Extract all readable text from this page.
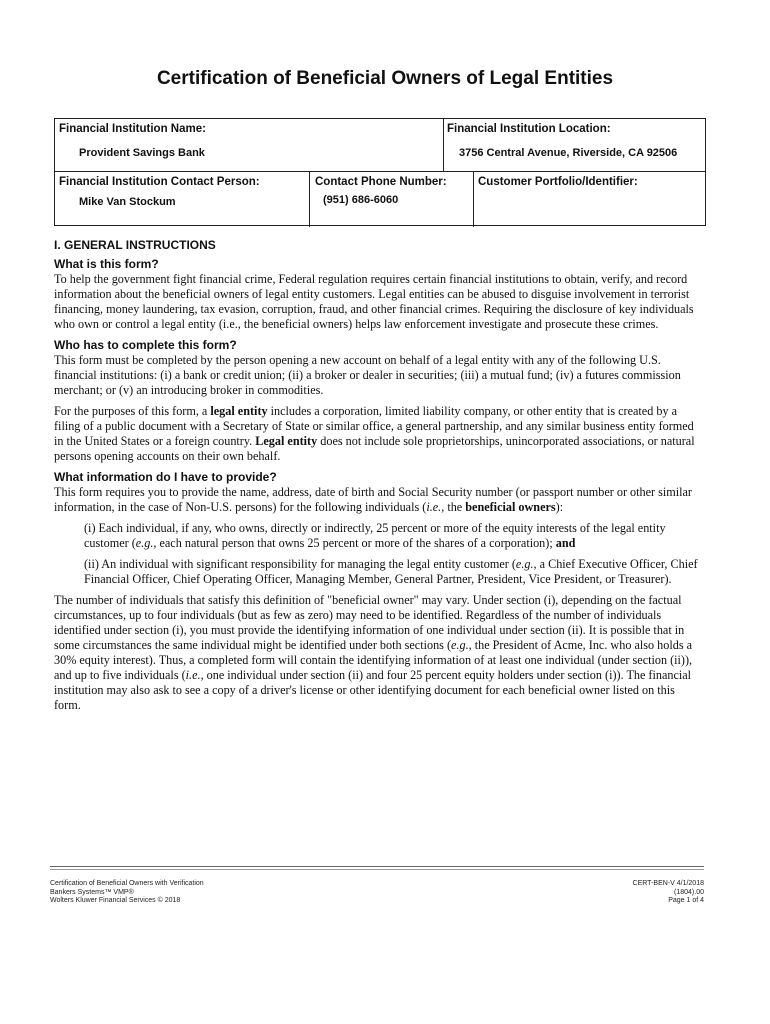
Certification of Beneficial Owners of Legal Entities
Financial Institution Name:
Provident Savings Bank
Financial Institution Location:
3756 Central Avenue, Riverside, CA 92506
Financial Institution Contact Person:
Mike Van Stockum
Contact Phone Number:
(951) 686-6060
Customer Portfolio/Identifier:
I. GENERAL INSTRUCTIONS
What is this form?

To help the government fight financial crime, Federal regulation requires certain financial institutions to obtain, verify, and record information about the beneficial owners of legal entity customers. Legal entities can be abused to disguise involvement in terrorist financing, money laundering, tax evasion, corruption, fraud, and other financial crimes. Requiring the disclosure of key individuals who own or control a legal entity (i.e., the beneficial owners) helps law enforcement investigate and prosecute these crimes.

Who has to complete this form?

This form must be completed by the person opening a new account on behalf of a legal entity with any of the following U.S. financial institutions: (i) a bank or credit union; (ii) a broker or dealer in securities; (iii) a mutual fund; (iv) a futures commission merchant; or (v) an introducing broker in commodities.

For the purposes of this form, a legal entity includes a corporation, limited liability company, or other entity that is created by a filing of a public document with a Secretary of State or similar office, a general partnership, and any similar business entity formed in the United States or a foreign country. Legal entity does not include sole proprietorships, unincorporated associations, or natural persons opening accounts on their own behalf.

What information do I have to provide?

This form requires you to provide the name, address, date of birth and Social Security number (or passport number or other similar information, in the case of Non-U.S. persons) for the following individuals (i.e., the beneficial owners):

(i) Each individual, if any, who owns, directly or indirectly, 25 percent or more of the equity interests of the legal entity customer (e.g., each natural person that owns 25 percent or more of the shares of a corporation); and

(ii) An individual with significant responsibility for managing the legal entity customer (e.g., a Chief Executive Officer, Chief Financial Officer, Chief Operating Officer, Managing Member, General Partner, President, Vice President, or Treasurer).

The number of individuals that satisfy this definition of "beneficial owner" may vary. Under section (i), depending on the factual circumstances, up to four individuals (but as few as zero) may need to be identified. Regardless of the number of individuals identified under section (i), you must provide the identifying information of one individual under section (ii). It is possible that in some circumstances the same individual might be identified under both sections (e.g., the President of Acme, Inc. who also holds a 30% equity interest). Thus, a completed form will contain the identifying information of at least one individual (under section (ii)), and up to five individuals (i.e., one individual under section (ii) and four 25 percent equity holders under section (i)). The financial institution may also ask to see a copy of a driver's license or other identifying document for each beneficial owner listed on this form.

Certification of Beneficial Owners with Verification
Bankers Systems™ VMP®
Wolters Kluwer Financial Services © 2018
CERT-BEN-V 4/1/2018
(1804).00
Page 1 of 4
